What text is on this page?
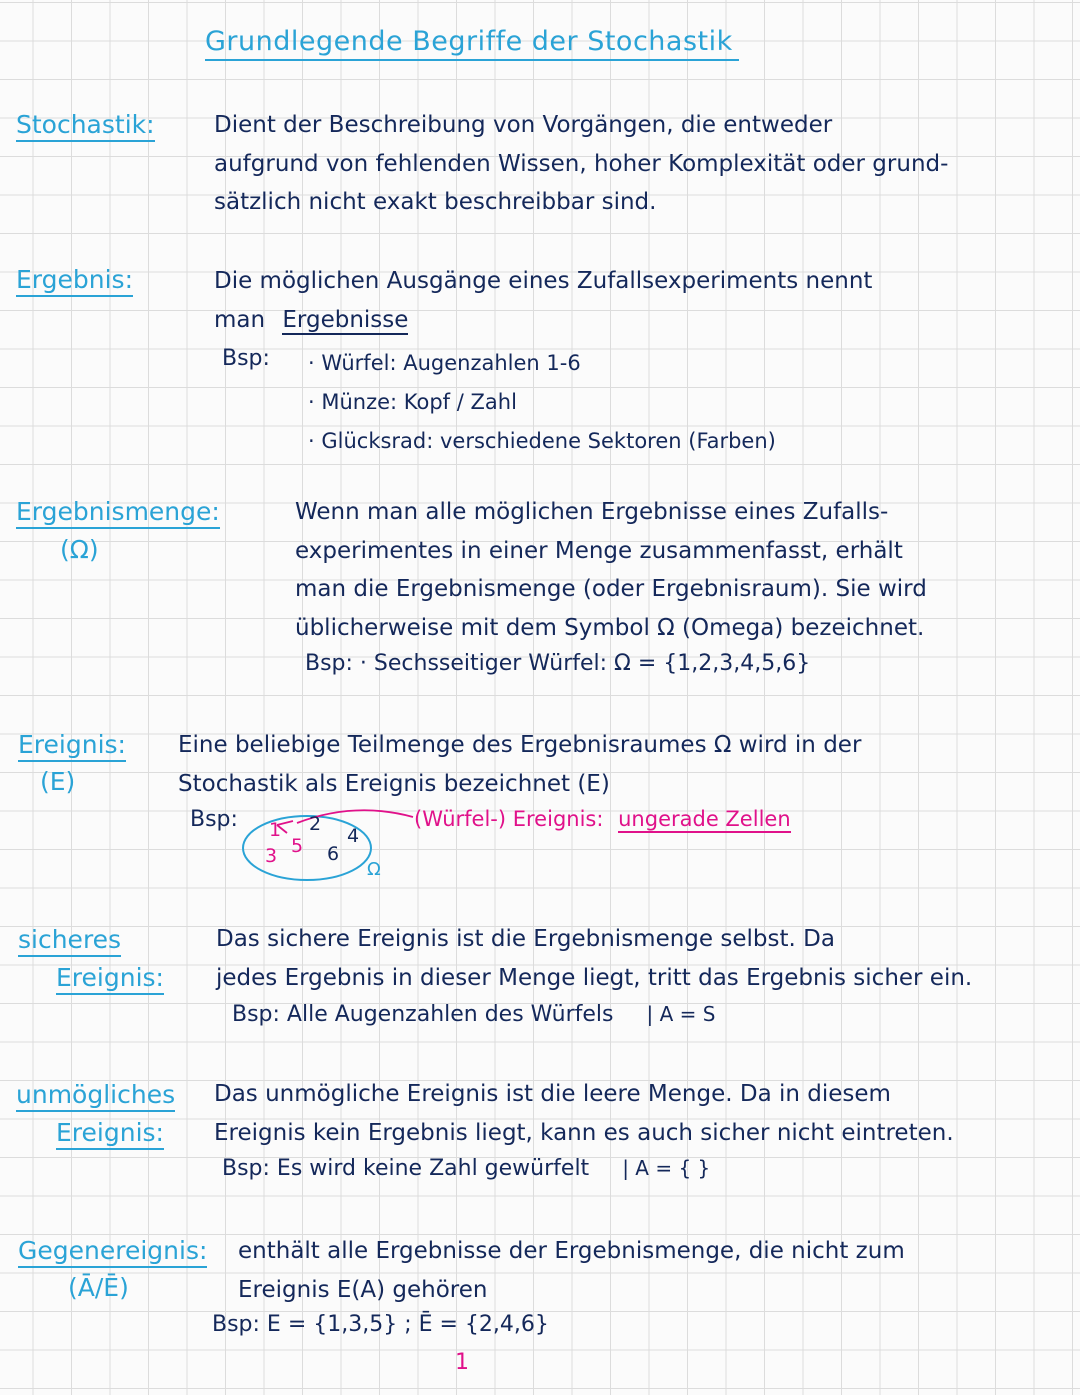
Grundlegende Begriffe der Stochastik
Stochastik:	Dient der Beschreibung von Vorgängen, die entweder
aufgrund von fehlenden Wissen, hoher Komplexität oder grund-
sätzlich nicht exakt beschreibbar sind.
Ergebnis:	Die möglichen Ausgänge eines Zufallsexperiments nennt
man Ergebnisse
Bsp: · Würfel: Augenzahlen 1-6
· Münze: Kopf / Zahl
· Glücksrad: verschiedene Sektoren (Farben)
Ergebnismenge:
(Ω)
Wenn man alle möglichen Ergebnisse eines Zufalls-
experimentes in einer Menge zusammenfasst, erhält
man die Ergebnismenge (oder Ergebnisraum). Sie wird
üblicherweise mit dem Symbol Ω (Omega) bezeichnet.
Bsp: · Sechsseitiger Würfel: Ω = {1,2,3,4,5,6}
Ereignis:
(E)
Eine beliebige Teilmenge des Ergebnisraumes Ω wird in der
Stochastik als Ereignis bezeichnet (E)
Bsp: 1
3 5
2
4
6
Ω
(Würfel-) Ereignis: ungerade Zellen
sicheres
Ereignis:
Das sichere Ereignis ist die Ergebnismenge selbst. Da
jedes Ergebnis in dieser Menge liegt, tritt das Ergebnis sicher ein.
Bsp: Alle Augenzahlen des Würfels | A = S
unmögliches
Ereignis:
Das unmögliche Ereignis ist die leere Menge. Da in diesem
Ereignis kein Ergebnis liegt, kann es auch sicher nicht eintreten.
Bsp: Es wird keine Zahl gewürfelt | A = { }
Gegenereignis:
(Ā/Ē)
enthält alle Ergebnisse der Ergebnismenge, die nicht zum
Ereignis E(A) gehören
Bsp: E = {1,3,5} ; Ē = {2,4,6}
1
